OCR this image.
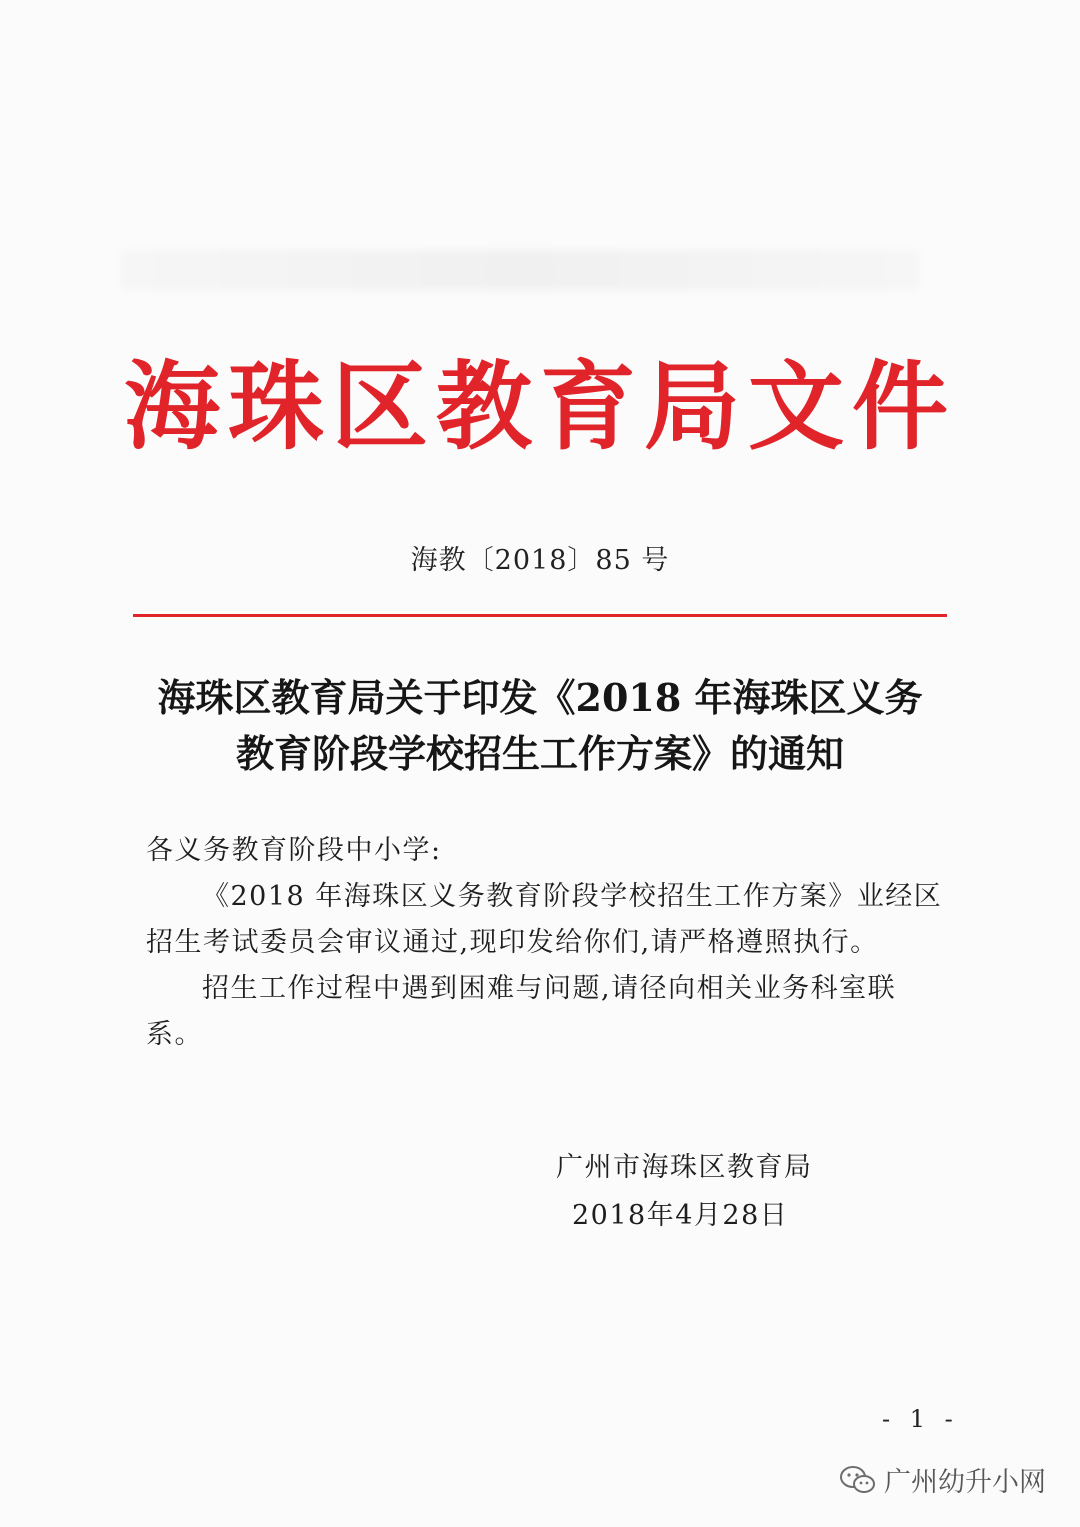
海珠区教育局文件
海教〔2018〕85 号
海珠区教育局关于印发《2018 年海珠区义务
教育阶段学校招生工作方案》的通知

各义务教育阶段中小学:

《2018 年海珠区义务教育阶段学校招生工作方案》业经区招生考试委员会审议通过,现印发给你们,请严格遵照执行。

招生工作过程中遇到困难与问题,请径向相关业务科室联系。

广州市海珠区教育局
2018年4月28日
- 1 -
广州幼升小网
